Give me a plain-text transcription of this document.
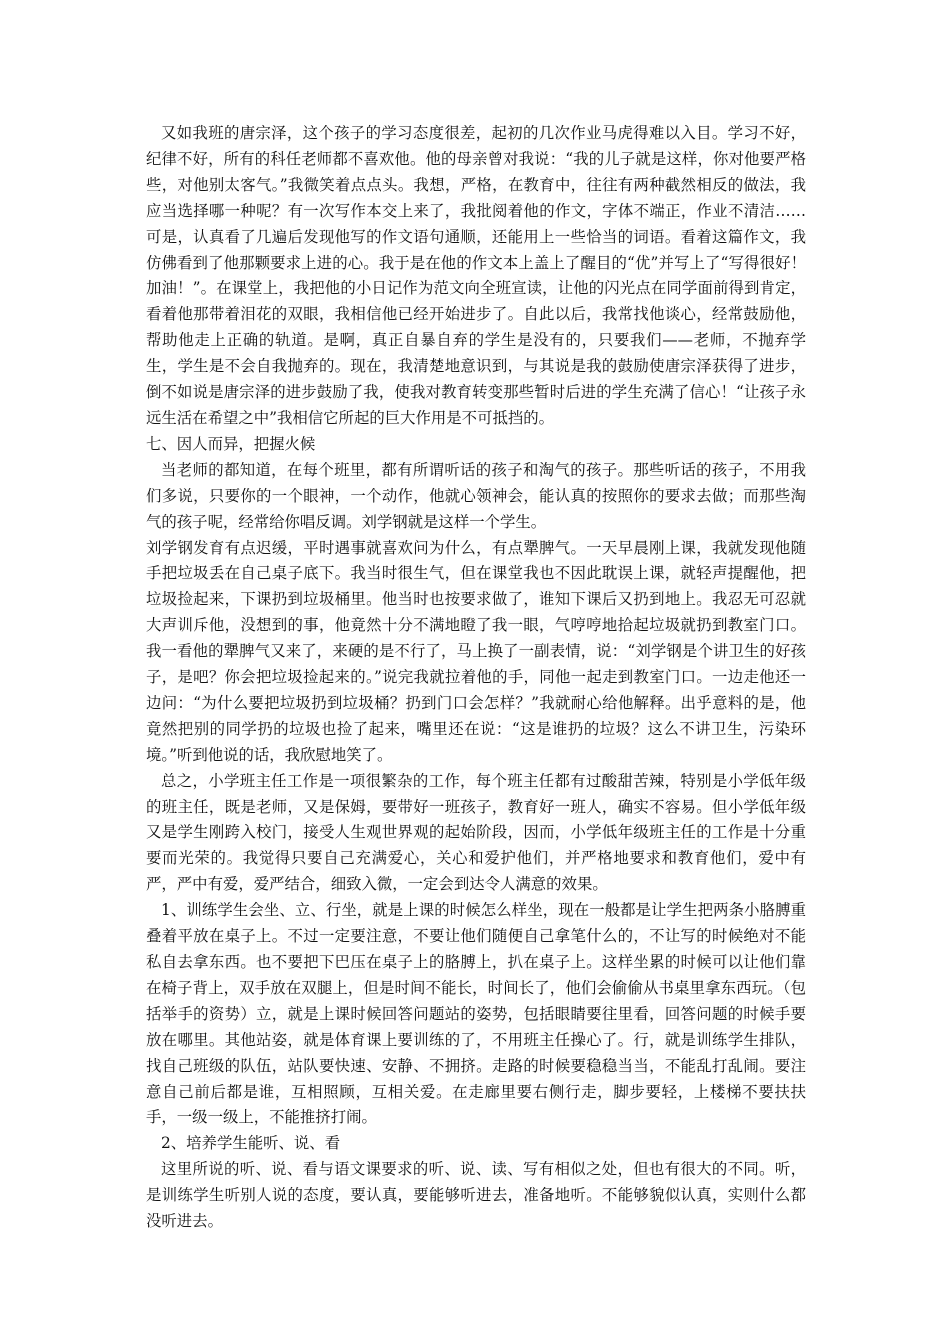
又如我班的唐宗泽，这个孩子的学习态度很差，起初的几次作业马虎得难以入目。学习不好，纪律不好，所有的科任老师都不喜欢他。他的母亲曾对我说：“我的儿子就是这样，你对他要严格些，对他别太客气。”我微笑着点点头。我想，严格，在教育中，往往有两种截然相反的做法，我应当选择哪一种呢？有一次写作本交上来了，我批阅着他的作文，字体不端正，作业不清洁……可是，认真看了几遍后发现他写的作文语句通顺，还能用上一些恰当的词语。看着这篇作文，我仿佛看到了他那颗要求上进的心。我于是在他的作文本上盖上了醒目的“优”并写上了“写得很好！加油！”。在课堂上，我把他的小日记作为范文向全班宣读，让他的闪光点在同学面前得到肯定，看着他那带着泪花的双眼，我相信他已经开始进步了。自此以后，我常找他谈心，经常鼓励他，帮助他走上正确的轨道。是啊，真正自暴自弃的学生是没有的，只要我们——老师，不抛弃学生，学生是不会自我抛弃的。现在，我清楚地意识到，与其说是我的鼓励使唐宗泽获得了进步，倒不如说是唐宗泽的进步鼓励了我，使我对教育转变那些暂时后进的学生充满了信心！“让孩子永远生活在希望之中”我相信它所起的巨大作用是不可抵挡的。

七、因人而异，把握火候

当老师的都知道，在每个班里，都有所谓听话的孩子和淘气的孩子。那些听话的孩子，不用我们多说，只要你的一个眼神，一个动作，他就心领神会，能认真的按照你的要求去做；而那些淘气的孩子呢，经常给你唱反调。刘学钢就是这样一个学生。

刘学钢发育有点迟缓，平时遇事就喜欢问为什么，有点犟脾气。一天早晨刚上课，我就发现他随手把垃圾丢在自己桌子底下。我当时很生气，但在课堂我也不因此耽误上课，就轻声提醒他，把垃圾捡起来，下课扔到垃圾桶里。他当时也按要求做了，谁知下课后又扔到地上。我忍无可忍就大声训斥他，没想到的事，他竟然十分不满地瞪了我一眼，气哼哼地拾起垃圾就扔到教室门口。我一看他的犟脾气又来了，来硬的是不行了，马上换了一副表情，说：“刘学钢是个讲卫生的好孩子，是吧？你会把垃圾捡起来的。”说完我就拉着他的手，同他一起走到教室门口。一边走他还一边问：“为什么要把垃圾扔到垃圾桶？扔到门口会怎样？”我就耐心给他解释。出乎意料的是，他竟然把别的同学扔的垃圾也捡了起来，嘴里还在说：“这是谁扔的垃圾？这么不讲卫生，污染环境。”听到他说的话，我欣慰地笑了。

总之，小学班主任工作是一项很繁杂的工作，每个班主任都有过酸甜苦辣，特别是小学低年级的班主任，既是老师，又是保姆，要带好一班孩子，教育好一班人，确实不容易。但小学低年级又是学生刚跨入校门，接受人生观世界观的起始阶段，因而，小学低年级班主任的工作是十分重要而光荣的。我觉得只要自己充满爱心，关心和爱护他们，并严格地要求和教育他们，爱中有严，严中有爱，爱严结合，细致入微，一定会到达令人满意的效果。

1、训练学生会坐、立、行坐，就是上课的时候怎么样坐，现在一般都是让学生把两条小胳膊重叠着平放在桌子上。不过一定要注意，不要让他们随便自己拿笔什么的，不让写的时候绝对不能私自去拿东西。也不要把下巴压在桌子上的胳膊上，扒在桌子上。这样坐累的时候可以让他们靠在椅子背上，双手放在双腿上，但是时间不能长，时间长了，他们会偷偷从书桌里拿东西玩。（包括举手的资势）立，就是上课时候回答问题站的姿势，包括眼睛要往里看，回答问题的时候手要放在哪里。其他站姿，就是体育课上要训练的了，不用班主任操心了。行，就是训练学生排队，找自己班级的队伍，站队要快速、安静、不拥挤。走路的时候要稳稳当当，不能乱打乱闹。要注意自己前后都是谁，互相照顾，互相关爱。在走廊里要右侧行走，脚步要轻，上楼梯不要扶扶手，一级一级上，不能推挤打闹。

2、培养学生能听、说、看

这里所说的听、说、看与语文课要求的听、说、读、写有相似之处，但也有很大的不同。听，是训练学生听别人说的态度，要认真，要能够听进去，准备地听。不能够貌似认真，实则什么都没听进去。
